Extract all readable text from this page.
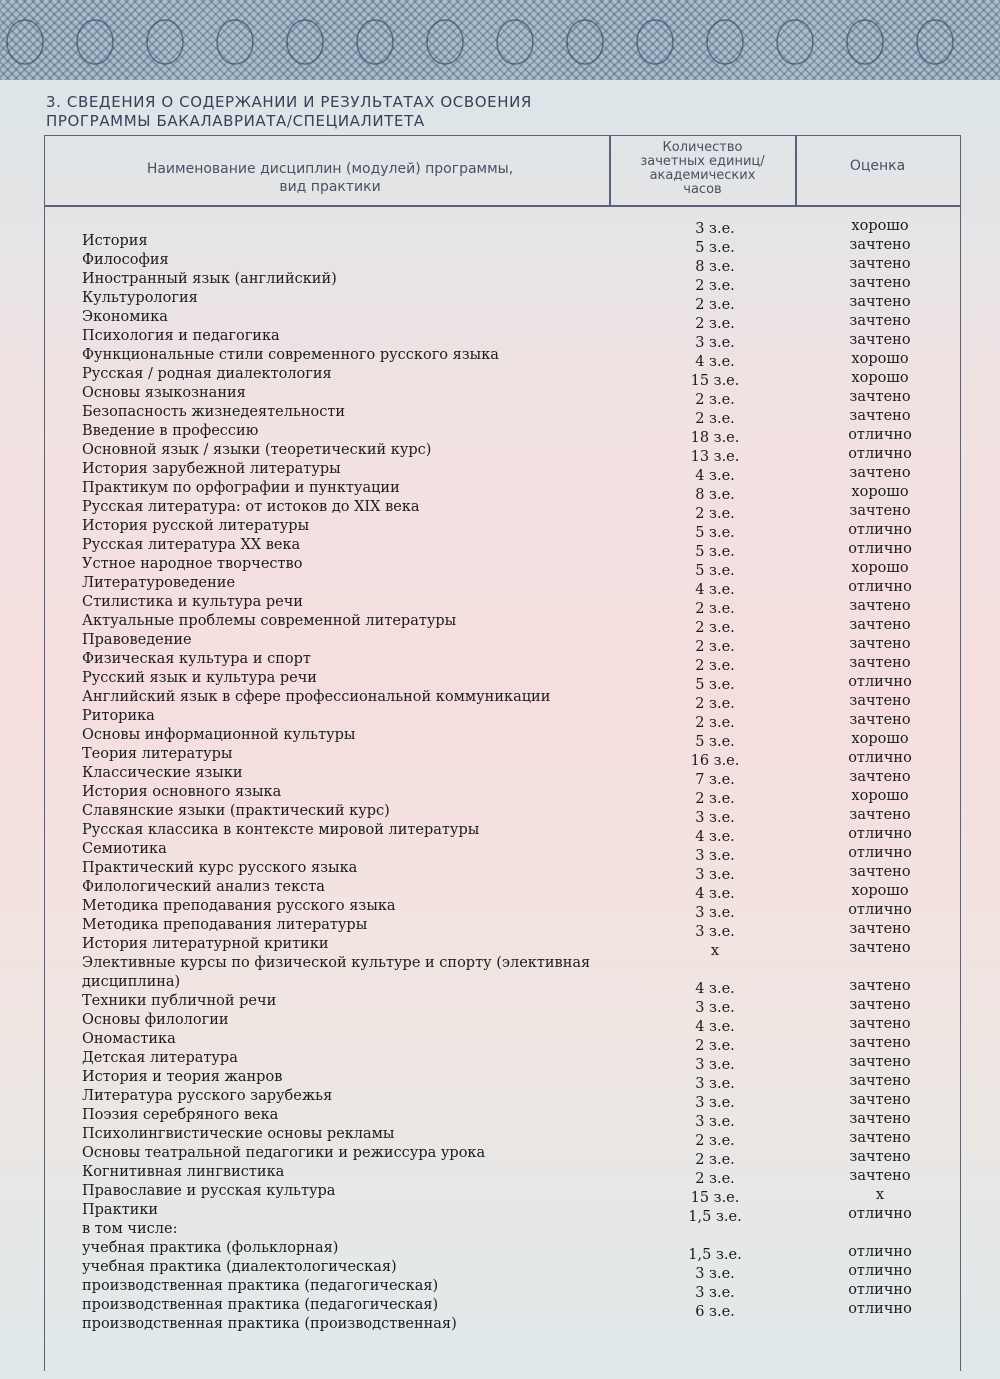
3. СВЕДЕНИЯ О СОДЕРЖАНИИ И РЕЗУЛЬТАТАХ ОСВОЕНИЯ
ПРОГРАММЫ БАКАЛАВРИАТА/СПЕЦИАЛИТЕТА
Наименование дисциплин (модулей) программы,
вид практики
Количество
зачетных единиц/
академических
часов
Оценка
История
Философия
Иностранный язык (английский)
Культурология
Экономика
Психология и педагогика
Функциональные стили современного русского языка
Русская / родная диалектология
Основы языкознания
Безопасность жизнедеятельности
Введение в профессию
Основной язык / языки (теоретический курс)
История зарубежной литературы
Практикум по орфографии и пунктуации
Русская литература: от истоков до XIX века
История русской литературы
Русская литература XX века
Устное народное творчество
Литературоведение
Стилистика и культура речи
Актуальные проблемы современной литературы
Правоведение
Физическая культура и спорт
Русский язык и культура речи
Английский язык в сфере профессиональной коммуникации
Риторика
Основы информационной культуры
Теория литературы
Классические языки
История основного языка
Славянские языки (практический курс)
Русская классика в контексте мировой литературы
Семиотика
Практический курс русского языка
Филологический анализ текста
Методика преподавания русского языка
Методика преподавания литературы
История литературной критики
Элективные курсы по физической культуре и спорту (элективная дисциплина)
Техники публичной речи
Основы филологии
Ономастика
Детская литература
История и теория жанров
Литература русского зарубежья
Поэзия серебряного века
Психолингвистические основы рекламы
Основы театральной педагогики и режиссура урока
Когнитивная лингвистика
Православие и русская культура
Практики
в том числе:
учебная практика (фольклорная)
учебная практика (диалектологическая)
производственная практика (педагогическая)
производственная практика (педагогическая)
производственная практика (производственная)
3 з.е.
5 з.е.
8 з.е.
2 з.е.
2 з.е.
2 з.е.
3 з.е.
4 з.е.
15 з.е.
2 з.е.
2 з.е.
18 з.е.
13 з.е.
4 з.е.
8 з.е.
2 з.е.
5 з.е.
5 з.е.
5 з.е.
4 з.е.
2 з.е.
2 з.е.
2 з.е.
2 з.е.
5 з.е.
2 з.е.
2 з.е.
5 з.е.
16 з.е.
7 з.е.
2 з.е.
3 з.е.
4 з.е.
3 з.е.
3 з.е.
4 з.е.
3 з.е.
3 з.е.
х
4 з.е.
3 з.е.
4 з.е.
2 з.е.
3 з.е.
3 з.е.
3 з.е.
3 з.е.
2 з.е.
2 з.е.
2 з.е.
15 з.е.
1,5 з.е.
1,5 з.е.
3 з.е.
3 з.е.
6 з.е.
хорошо
зачтено
зачтено
зачтено
зачтено
зачтено
зачтено
хорошо
хорошо
зачтено
зачтено
отлично
отлично
зачтено
хорошо
зачтено
отлично
отлично
хорошо
отлично
зачтено
зачтено
зачтено
зачтено
отлично
зачтено
зачтено
хорошо
отлично
зачтено
хорошо
зачтено
отлично
отлично
зачтено
хорошо
отлично
зачтено
зачтено
зачтено
зачтено
зачтено
зачтено
зачтено
зачтено
зачтено
зачтено
зачтено
зачтено
зачтено
х
отлично
отлично
отлично
отлично
отлично
